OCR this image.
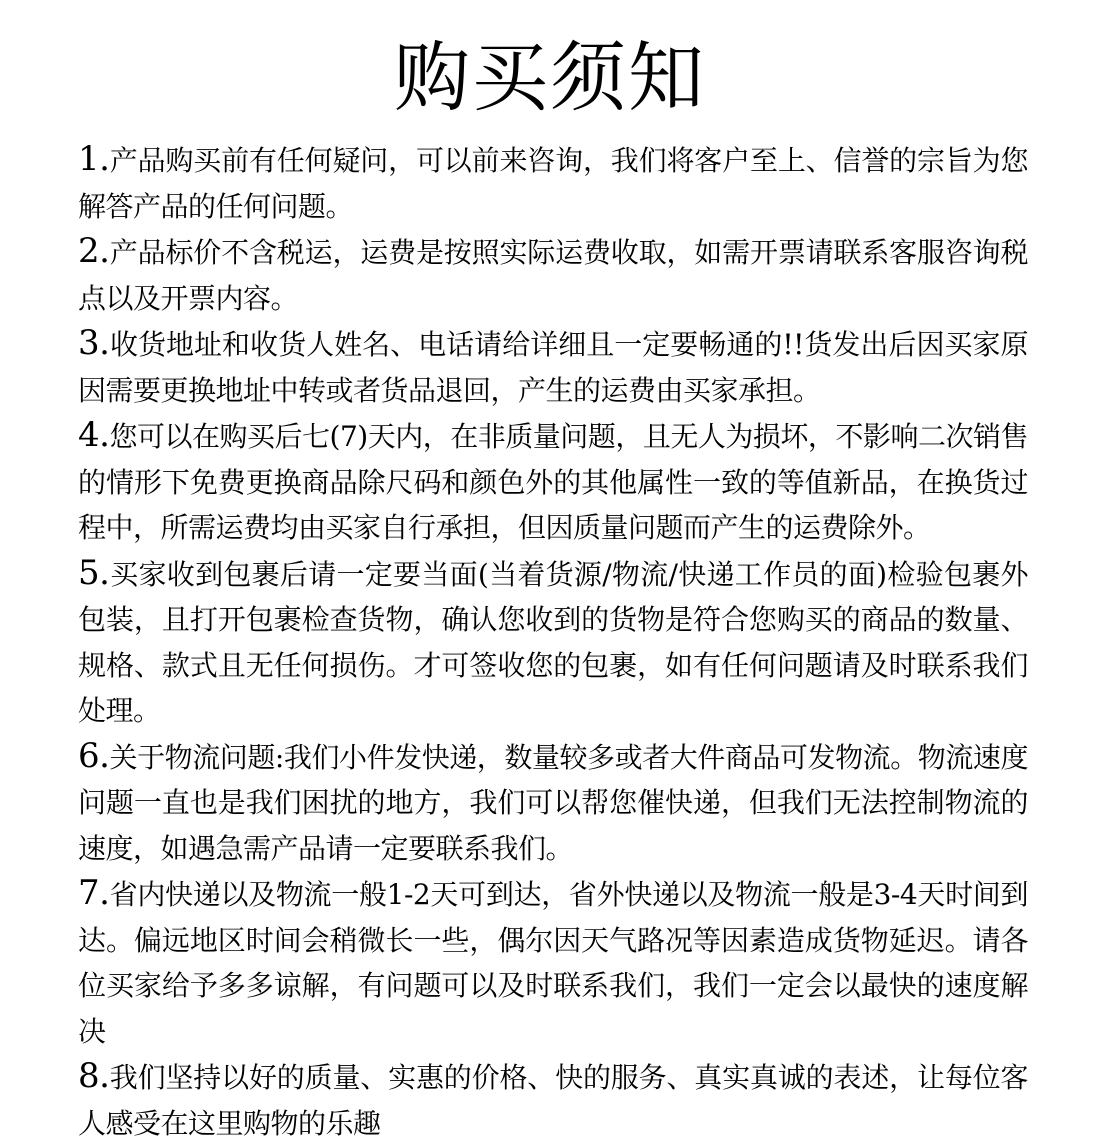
购买须知

1.产品购买前有任何疑问，可以前来咨询，我们将客户至上、信誉的宗旨为您解答产品的任何问题。

2.产品标价不含税运，运费是按照实际运费收取，如需开票请联系客服咨询税点以及开票内容。

3.收货地址和收货人姓名、电话请给详细且一定要畅通的!!货发出后因买家原因需要更换地址中转或者货品退回，产生的运费由买家承担。

4.您可以在购买后七(7)天内，在非质量问题，且无人为损坏，不影响二次销售的情形下免费更换商品除尺码和颜色外的其他属性一致的等值新品，在换货过程中，所需运费均由买家自行承担，但因质量问题而产生的运费除外。

5.买家收到包裹后请一定要当面(当着货源/物流/快递工作员的面)检验包裹外包装，且打开包裹检查货物，确认您收到的货物是符合您购买的商品的数量、规格、款式且无任何损伤。才可签收您的包裹，如有任何问题请及时联系我们处理。

6.关于物流问题:我们小件发快递，数量较多或者大件商品可发物流。物流速度问题一直也是我们困扰的地方，我们可以帮您催快递，但我们无法控制物流的速度，如遇急需产品请一定要联系我们。

7.省内快递以及物流一般1-2天可到达，省外快递以及物流一般是3-4天时间到达。偏远地区时间会稍微长一些，偶尔因天气路况等因素造成货物延迟。请各位买家给予多多谅解，有问题可以及时联系我们，我们一定会以最快的速度解决

8.我们坚持以好的质量、实惠的价格、快的服务、真实真诚的表述，让每位客人感受在这里购物的乐趣
